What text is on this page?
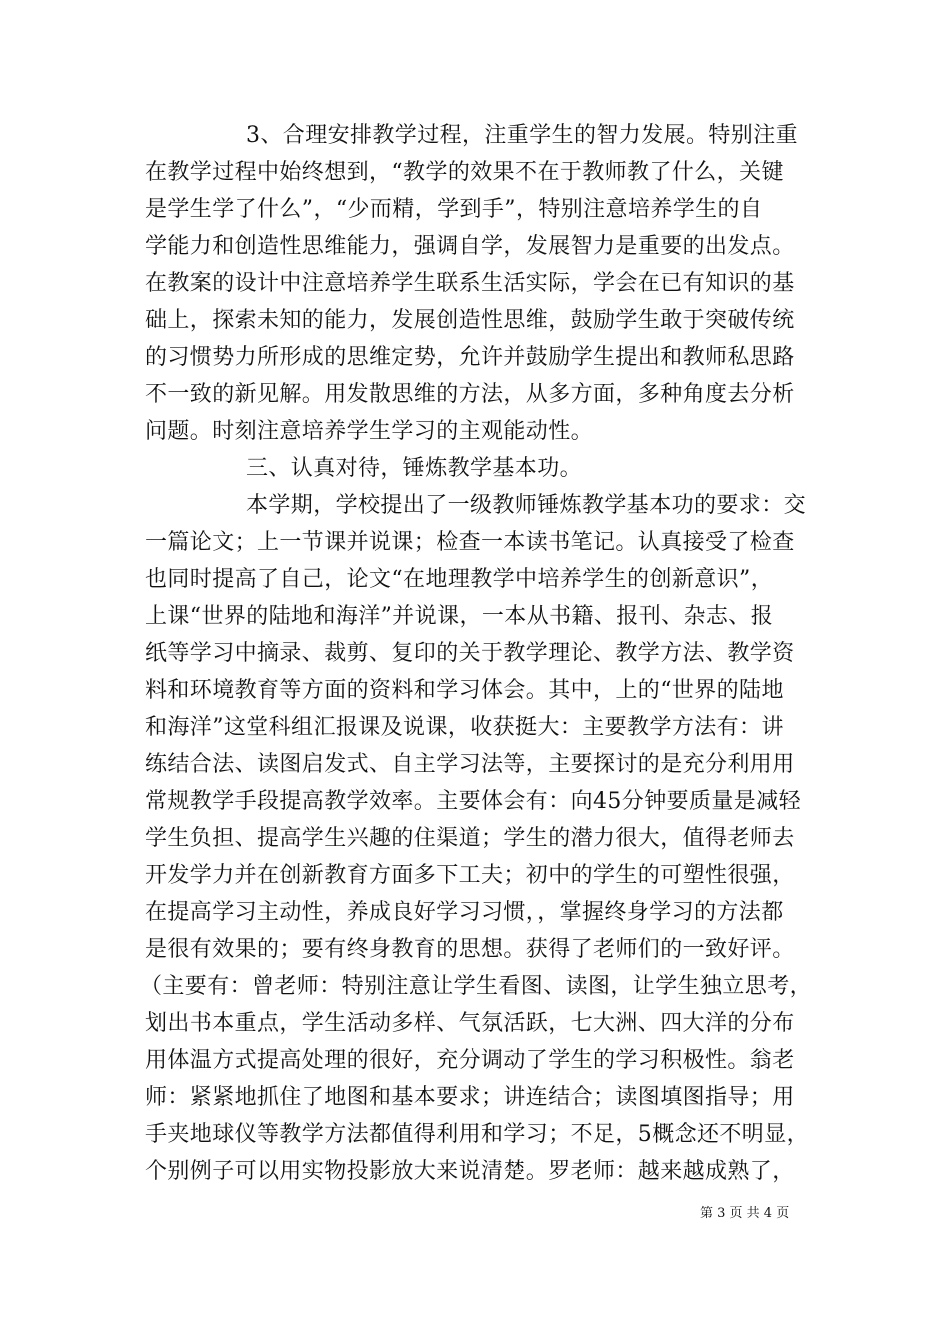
3、合理安排教学过程，注重学生的智力发展。特别注重
在教学过程中始终想到，“教学的效果不在于教师教了什么，关键
是学生学了什么”，“少而精，学到手”，特别注意培养学生的自
学能力和创造性思维能力，强调自学，发展智力是重要的出发点。
在教案的设计中注意培养学生联系生活实际，学会在已有知识的基
础上，探索未知的能力，发展创造性思维，鼓励学生敢于突破传统
的习惯势力所形成的思维定势，允许并鼓励学生提出和教师私思路
不一致的新见解。用发散思维的方法，从多方面，多种角度去分析
问题。时刻注意培养学生学习的主观能动性。
三、认真对待，锤炼教学基本功。
本学期，学校提出了一级教师锤炼教学基本功的要求：交
一篇论文；上一节课并说课；检查一本读书笔记。认真接受了检查
也同时提高了自己，论文“在地理教学中培养学生的创新意识”，
上课“世界的陆地和海洋”并说课，一本从书籍、报刊、杂志、报
纸等学习中摘录、裁剪、复印的关于教学理论、教学方法、教学资
料和环境教育等方面的资料和学习体会。其中，上的“世界的陆地
和海洋”这堂科组汇报课及说课，收获挺大：主要教学方法有：讲
练结合法、读图启发式、自主学习法等，主要探讨的是充分利用用
常规教学手段提高教学效率。主要体会有：向45分钟要质量是减轻
学生负担、提高学生兴趣的住渠道；学生的潜力很大，值得老师去
开发学力并在创新教育方面多下工夫；初中的学生的可塑性很强，
在提高学习主动性，养成良好学习习惯，，掌握终身学习的方法都
是很有效果的；要有终身教育的思想。获得了老师们的一致好评。
（主要有：曾老师：特别注意让学生看图、读图，让学生独立思考，
划出书本重点，学生活动多样、气氛活跃，七大洲、四大洋的分布
用体温方式提高处理的很好，充分调动了学生的学习积极性。翁老
师：紧紧地抓住了地图和基本要求；讲连结合；读图填图指导；用
手夹地球仪等教学方法都值得利用和学习；不足，5概念还不明显，
个别例子可以用实物投影放大来说清楚。罗老师：越来越成熟了，
第 3 页 共 4 页
